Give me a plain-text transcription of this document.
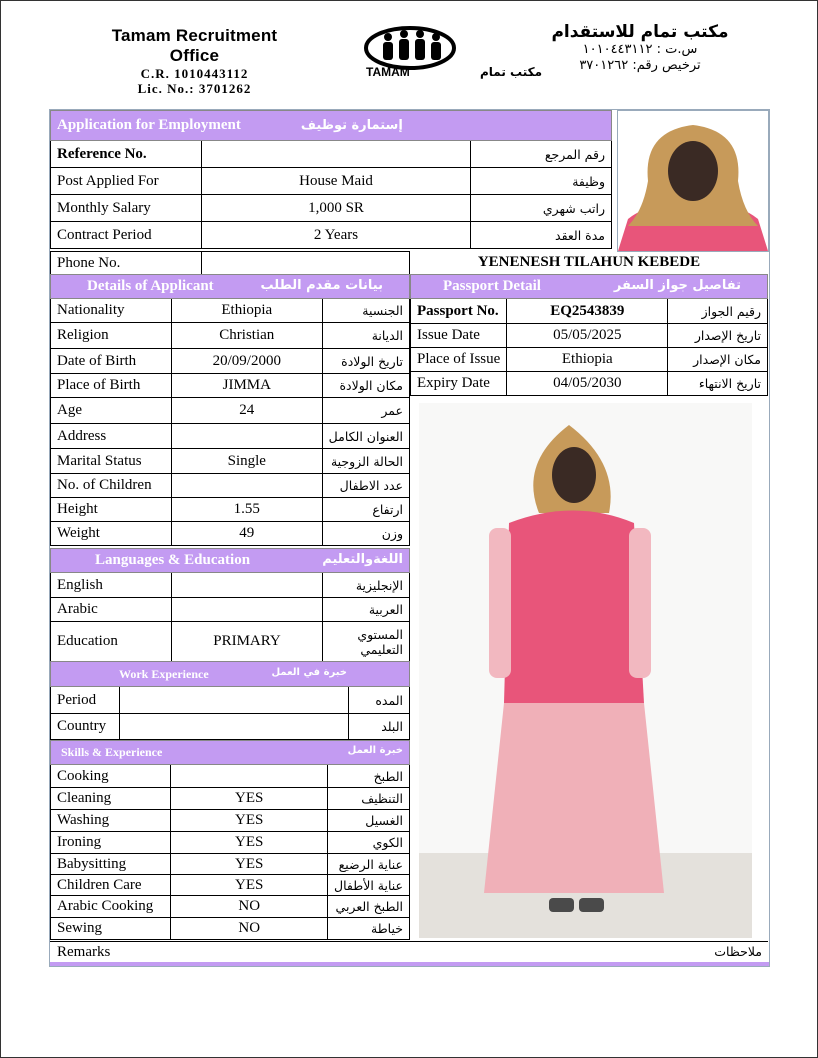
Tamam Recruitment Office
C.R. 1010443112
Lic. No.: 3701262
TAMAM	مكتب تمام
مكتب تمام للاستقدام
س.ت : ١٠١٠٤٤٣١١٢
ترخيص رقم: ٣٧٠١٢٦٢
Application for Employment إستمارة توظيف		
Reference No.		رقم المرجع
Post Applied For	House Maid	وظيفة
Monthly Salary	1,000 SR	راتب شهري
Contract Period	2 Years	مدة العقد
Phone No.		YENENESH TILAHUN KEBEDE
Details of Applicant بيانات مقدم الطلب		

Nationality	Ethiopia	الجنسية
Religion	Christian	الديانة
Date of Birth	20/09/2000	تاريخ الولادة
Place of Birth	JIMMA	مكان الولادة
Age	24	عمر
Address		العنوان الكامل
Marital Status	Single	الحالة الزوجية
No. of Children		عدد الاطفال
Height	1.55	ارتفاع
Weight	49	وزن
Passport Detail تفاصيل جواز السفر		

Passport No.	EQ2543839	رقيم الجواز
Issue Date	05/05/2025	تاريخ الإصدار
Place of Issue	Ethiopia	مكان الإصدار
Expiry Date	04/05/2030	تاريخ الانتهاء
Languages & Education اللغةوالتعليم		

English		الإنجليزية
Arabic		العربية
Education	PRIMARY	المستوي التعليمي
Work Experience خبرة في العمل		

Period		المده
Country		البلد
Skills & Experience خبرة العمل		

Cooking		الطبخ
Cleaning	YES	التنظيف
Washing	YES	الغسيل
Ironing	YES	الكوي
Babysitting	YES	عناية الرضيع
Children Care	YES	عناية الأطفال
Arabic Cooking	NO	الطبخ العربي
Sewing	NO	خياطة
Remarks	ملاحظات
